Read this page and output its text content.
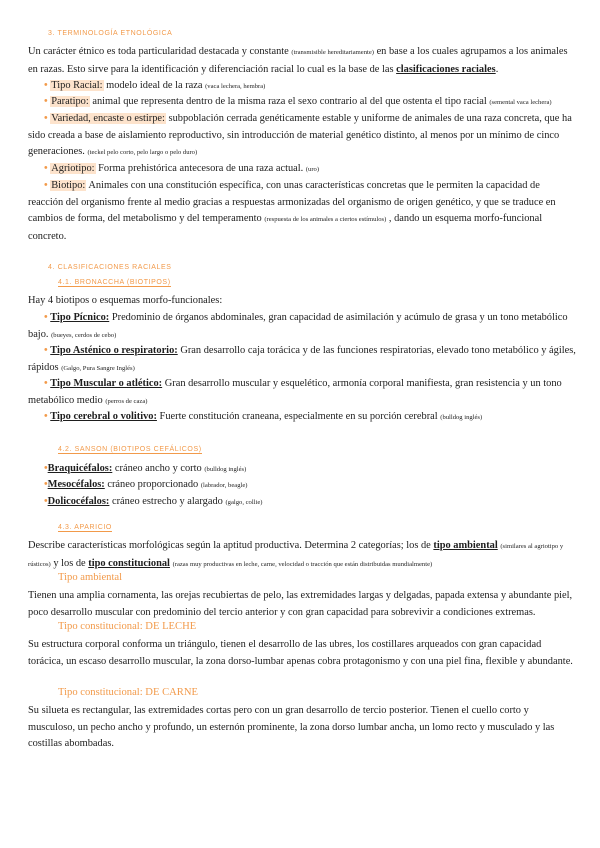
3. TERMINOLOGÍA ETNOLÓGICA
Un carácter étnico es toda particularidad destacada y constante (transmisible hereditariamente) en base a los cuales agrupamos a los animales en razas. Esto sirve para la identificación y diferenciación racial lo cual es la base de las clasificaciones raciales.
• Tipo Racial: modelo ideal de la raza (vaca lechera, hembra)
• Paratipo: animal que representa dentro de la misma raza el sexo contrario al del que ostenta el tipo racial (semental vaca lechera)
• Variedad, encaste o estirpe: subpoblación cerrada genéticamente estable y uniforme de animales de una raza concreta, que ha sido creada a base de aislamiento reproductivo, sin introducción de material genético distinto, al menos por un mínimo de cinco generaciones. (teckel pelo corto, pelo largo o pelo duro)
• Agriotipo: Forma prehistórica antecesora de una raza actual. (uro)
• Biotipo: Animales con una constitución específica, con unas características concretas que le permiten la capacidad de reacción del organismo frente al medio gracias a respuestas armonizadas del organismo de origen genético, y que se traduce en cambios de forma, del metabolismo y del temperamento (respuesta de los animales a ciertos estímulos) , dando un esquema morfo-funcional concreto.
4. CLASIFICACIONES RACIALES
4.1. BRONACCHA (BIOTIPOS)
Hay 4 biotipos o esquemas morfo-funcionales:
• Tipo Pícnico: Predominio de órganos abdominales, gran capacidad de asimilación y acúmulo de grasa y un tono metabólico bajo. (bueyes, cerdos de cebo)
• Tipo Asténico o respiratorio: Gran desarrollo caja torácica y de las funciones respiratorias, elevado tono metabólico y ágiles, rápidos (Galgo, Pura Sangre Inglés)
• Tipo Muscular o atlético: Gran desarrollo muscular y esquelético, armonía corporal manifiesta, gran resistencia y un tono metabólico medio (perros de caza)
• Tipo cerebral o volitivo: Fuerte constitución craneana, especialmente en su porción cerebral (bulldog inglés)
4.2. SANSON (BIOTIPOS CEFÁLICOS)
•Braquicéfalos: cráneo ancho y corto (bulldog inglés)
•Mesocéfalos: cráneo proporcionado (labrador, beagle)
•Dolicocéfalos: cráneo estrecho y alargado (galgo, collie)
4.3. APARICIO
Describe características morfológicas según la aptitud productiva. Determina 2 categorías; los de tipo ambiental (similares al agriotipo y rústicos) y los de tipo constitucional (razas muy productivas en leche, carne, velocidad o tracción que están distribuidas mundialmente)
Tipo ambiental
Tienen una amplia cornamenta, las orejas recubiertas de pelo, las extremidades largas y delgadas, papada extensa y abundante piel, poco desarrollo muscular con predominio del tercio anterior y con gran capacidad para sobrevivir a condiciones extremas.
Tipo constitucional: DE LECHE
Su estructura corporal conforma un triángulo, tienen el desarrollo de las ubres, los costillares arqueados con gran capacidad torácica, un escaso desarrollo muscular, la zona dorso-lumbar apenas cobra protagonismo y con una piel fina, flexible y abundante.
Tipo constitucional: DE CARNE
Su silueta es rectangular, las extremidades cortas pero con un gran desarrollo de tercio posterior. Tienen el cuello corto y musculoso, un pecho ancho y profundo, un esternón prominente, la zona dorso lumbar ancha, un lomo recto y musculado y las costillas abombadas.
